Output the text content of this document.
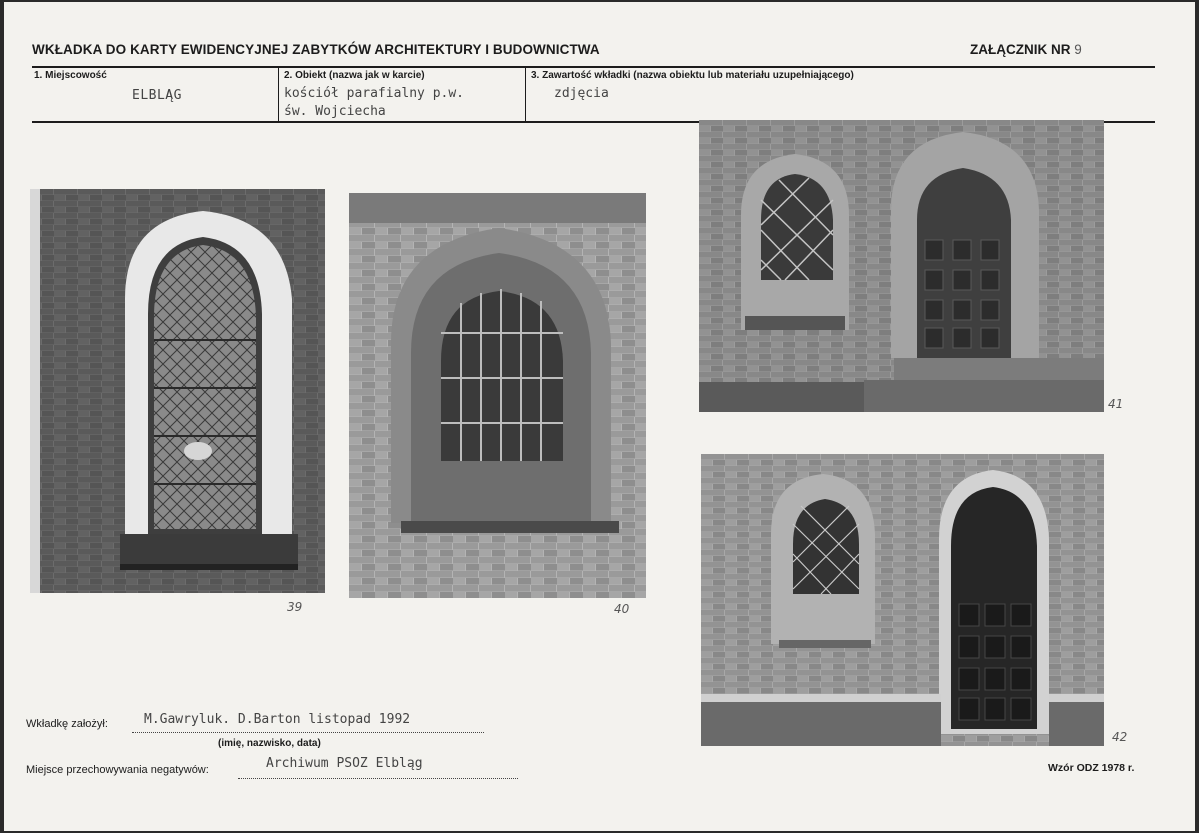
WKŁADKA DO KARTY EWIDENCYJNEJ ZABYTKÓW ARCHITEKTURY I BUDOWNICTWA	ZAŁĄCZNIK NR 9
1. Miejscowość
ELBLĄG
2. Obiekt (nazwa jak w karcie)
kościół parafialny p.w.
św. Wojciecha
3. Zawartość wkładki (nazwa obiektu lub materiału uzupełniającego)
zdjęcia
39	40
41
42
Wkładkę założył:	M.Gawryluk. D.Barton listopad 1992
(imię, nazwisko, data)
Miejsce przechowywania negatywów:	Archiwum PSOZ Elbląg	Wzór ODZ 1978 r.
